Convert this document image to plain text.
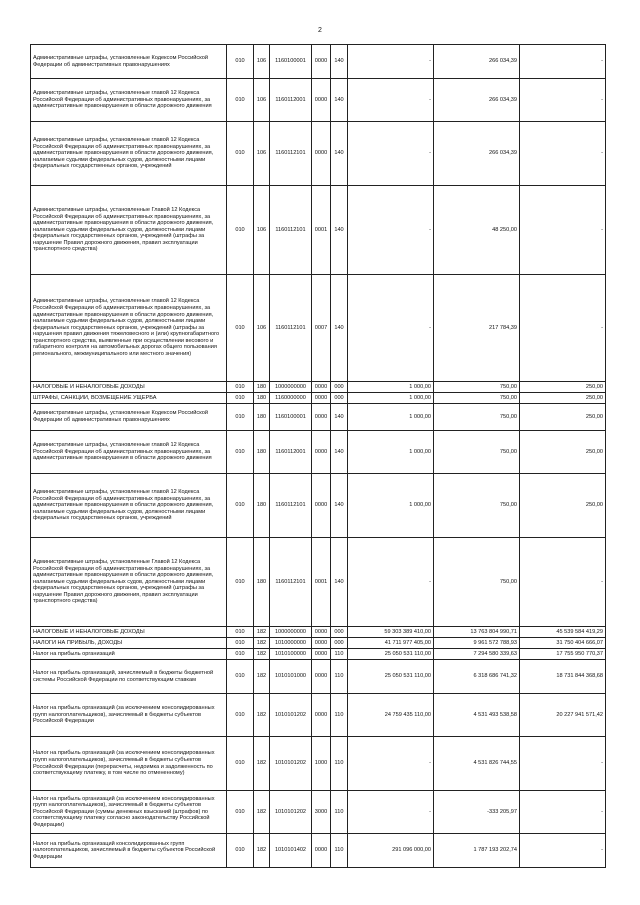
2
Административные штрафы, установленные Кодексом Российской Федерации об административных правонарушениях	010	106	1160100001	0000	140	-	266 034,39	-
Административные штрафы, установленные главой 12 Кодекса Российской Федерации об административных правонарушениях, за административные правонарушения в области дорожного движения	010	106	1160112001	0000	140	-	266 034,39	-
Административные штрафы, установленные главой 12 Кодекса Российской Федерации об административных правонарушениях, за административные правонарушения в области дорожного движения, налагаемые судьями федеральных судов, должностными лицами федеральных государственных органов, учреждений	010	106	1160112101	0000	140	-	266 034,39	-
Административные штрафы, установленные Главой 12 Кодекса Российской Федерации об административных правонарушениях, за административные правонарушения в области дорожного движения, налагаемые судьями федеральных судов, должностными лицами федеральных государственных органов, учреждений (штрафы за нарушение Правил дорожного движения, правил эксплуатации транспортного средства)	010	106	1160112101	0001	140	-	48 250,00	-
Административные штрафы, установленные главой 12 Кодекса Российской Федерации об административных правонарушениях, за административные правонарушения в области дорожного движения, налагаемые судьями федеральных судов, должностными лицами федеральных государственных органов, учреждений (штрафы за нарушения правил движения тяжеловесного и (или) крупногабаритного транспортного средства, выявленные при осуществлении весового и габаритного контроля на автомобильных дорогах общего пользования регионального, межмуниципального или местного значения)	010	106	1160112101	0007	140	-	217 784,39	-
НАЛОГОВЫЕ И НЕНАЛОГОВЫЕ ДОХОДЫ	010	180	1000000000	0000	000	1 000,00	750,00	250,00
ШТРАФЫ, САНКЦИИ, ВОЗМЕЩЕНИЕ УЩЕРБА	010	180	1160000000	0000	000	1 000,00	750,00	250,00
Административные штрафы, установленные Кодексом Российской Федерации об административных правонарушениях	010	180	1160100001	0000	140	1 000,00	750,00	250,00
Административные штрафы, установленные главой 12 Кодекса Российской Федерации об административных правонарушениях, за административные правонарушения в области дорожного движения	010	180	1160112001	0000	140	1 000,00	750,00	250,00
Административные штрафы, установленные главой 12 Кодекса Российской Федерации об административных правонарушениях, за административные правонарушения в области дорожного движения, налагаемые судьями федеральных судов, должностными лицами федеральных государственных органов, учреждений	010	180	1160112101	0000	140	1 000,00	750,00	250,00
Административные штрафы, установленные Главой 12 Кодекса Российской Федерации об административных правонарушениях, за административные правонарушения в области дорожного движения, налагаемые судьями федеральных судов, должностными лицами федеральных государственных органов, учреждений (штрафы за нарушение Правил дорожного движения, правил эксплуатации транспортного средства)	010	180	1160112101	0001	140	-	750,00	-
НАЛОГОВЫЕ И НЕНАЛОГОВЫЕ ДОХОДЫ	010	182	1000000000	0000	000	59 303 389 410,00	13 763 804 990,71	45 539 584 419,29
НАЛОГИ НА ПРИБЫЛЬ, ДОХОДЫ	010	182	1010000000	0000	000	41 711 977 405,00	9 961 572 788,93	31 750 404 666,07
Налог на прибыль организаций	010	182	1010100000	0000	110	25 050 531 110,00	7 294 580 339,63	17 755 950 770,37
Налог на прибыль организаций, зачисляемый в бюджеты бюджетной системы Российской Федерации по соответствующим ставкам	010	182	1010101000	0000	110	25 050 531 110,00	6 318 686 741,32	18 731 844 368,68
Налог на прибыль организаций (за исключением консолидированных групп налогоплательщиков), зачисляемый в бюджеты субъектов Российской Федерации	010	182	1010101202	0000	110	24 759 435 110,00	4 531 493 538,58	20 227 941 571,42
Налог на прибыль организаций (за исключением консолидированных групп налогоплательщиков), зачисляемый в бюджеты субъектов Российской Федерации (перерасчеты, недоимка и задолженность по соответствующему платежу, в том числе по отмененному)	010	182	1010101202	1000	110	-	4 531 826 744,55	-
Налог на прибыль организаций (за исключением консолидированных групп налогоплательщиков), зачисляемый в бюджеты субъектов Российской Федерации (суммы денежных взысканий (штрафов) по соответствующему платежу согласно законодательству Российской Федерации)	010	182	1010101202	3000	110	-	-333 205,97	-
Налог на прибыль организаций консолидированных групп налогоплательщиков, зачисляемый в бюджеты субъектов Российской Федерации	010	182	1010101402	0000	110	291 096 000,00	1 787 193 202,74	-
